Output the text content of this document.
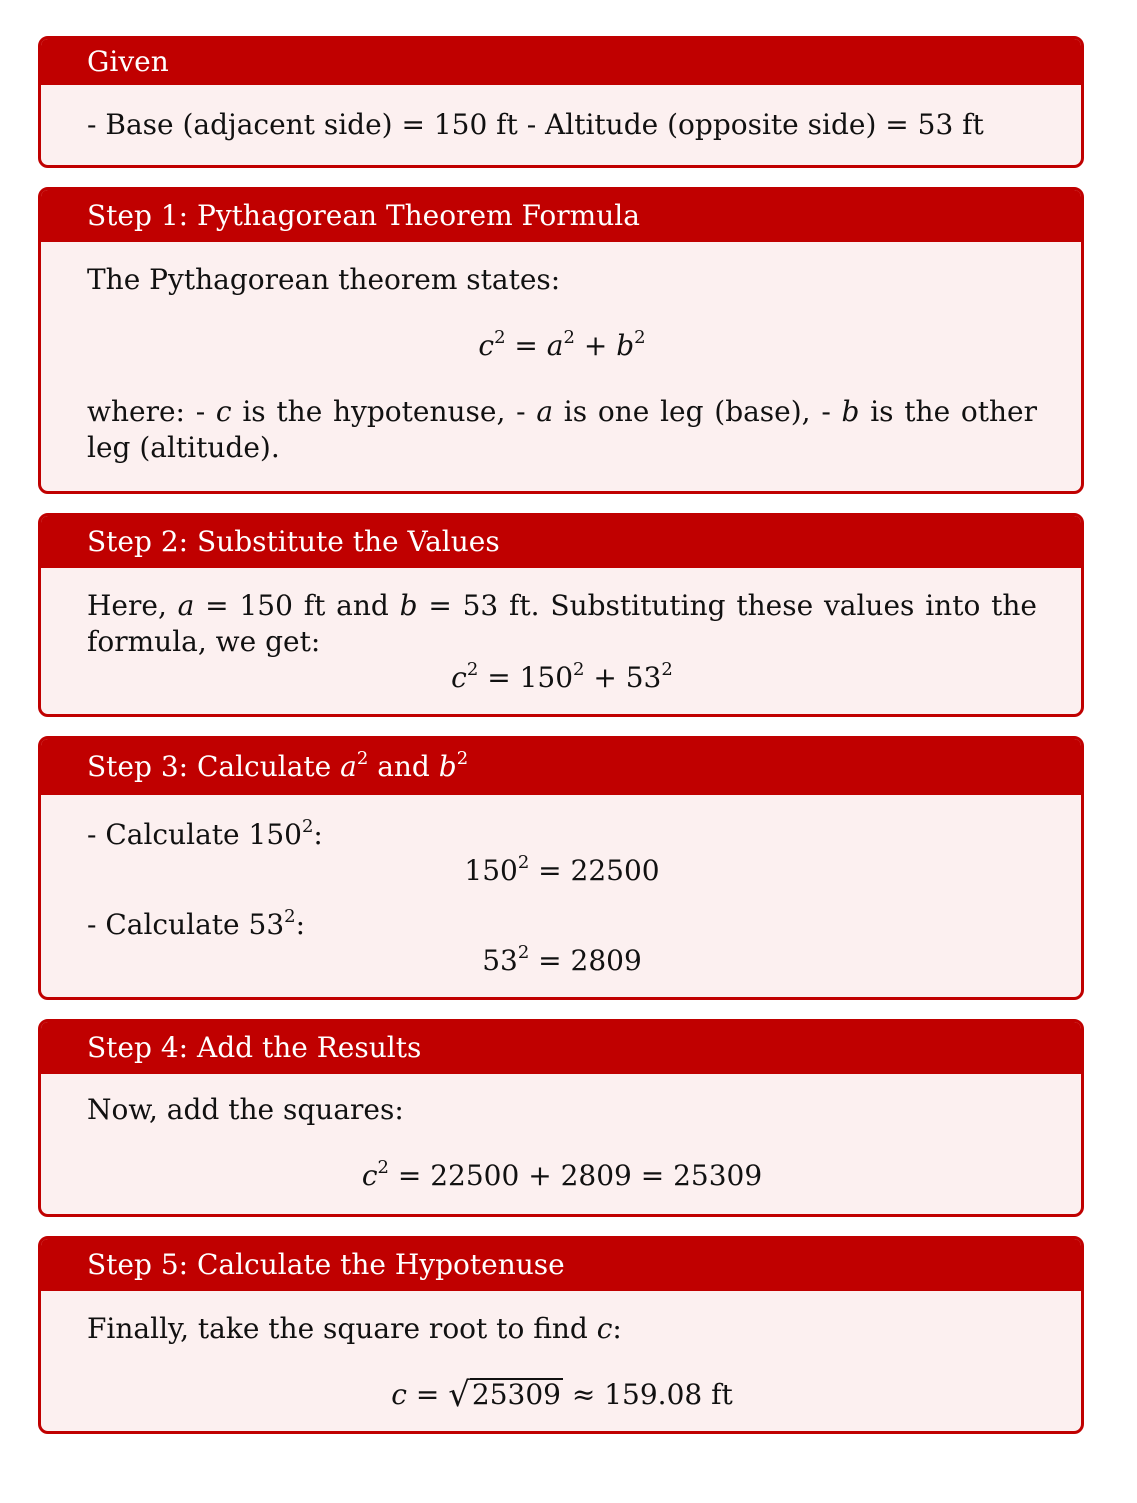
Given
- Base (adjacent side) = 150 ft - Altitude (opposite side) = 53 ft
Step 1: Pythagorean Theorem Formula
The Pythagorean theorem states:
$c^2 = a^2 + b^2$
where: - c is the hypotenuse, - a is one leg (base), - b is the other leg (altitude).
Step 2: Substitute the Values
Here, a = 150 ft and b = 53 ft. Substituting these values into the formula, we get:
$c^2 = 150^2 + 53^2$
Step 3: Calculate $a^2$ and $b^2$
- Calculate $150^2$:
$150^2 = 22500$
- Calculate $53^2$:
$53^2 = 2809$
Step 4: Add the Results
Now, add the squares:
$c^2 = 22500 + 2809 = 25309$
Step 5: Calculate the Hypotenuse
Finally, take the square root to find c:
c = √25309 ≈ 159.08 ft
